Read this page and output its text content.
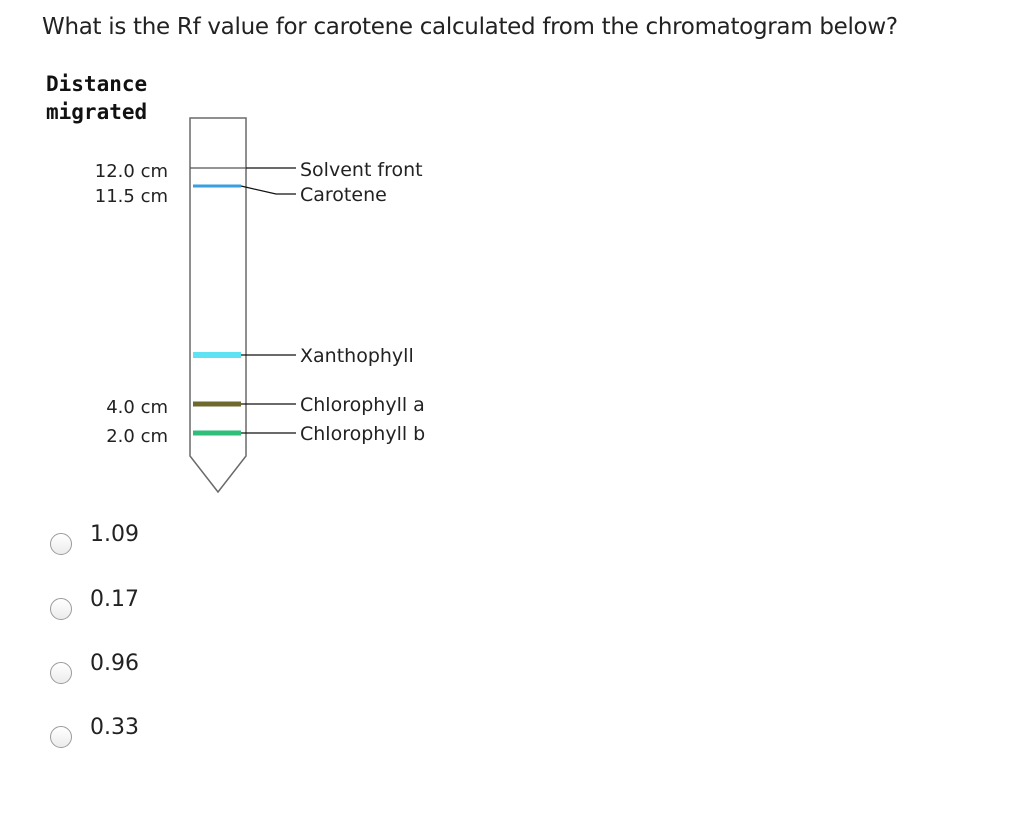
What is the Rf value for carotene calculated from the chromatogram below?
Distance
migrated
12.0 cm
11.5 cm
4.0 cm
2.0 cm
Solvent front
Carotene
Xanthophyll
Chlorophyll a
Chlorophyll b
1.09
0.17
0.96
0.33
